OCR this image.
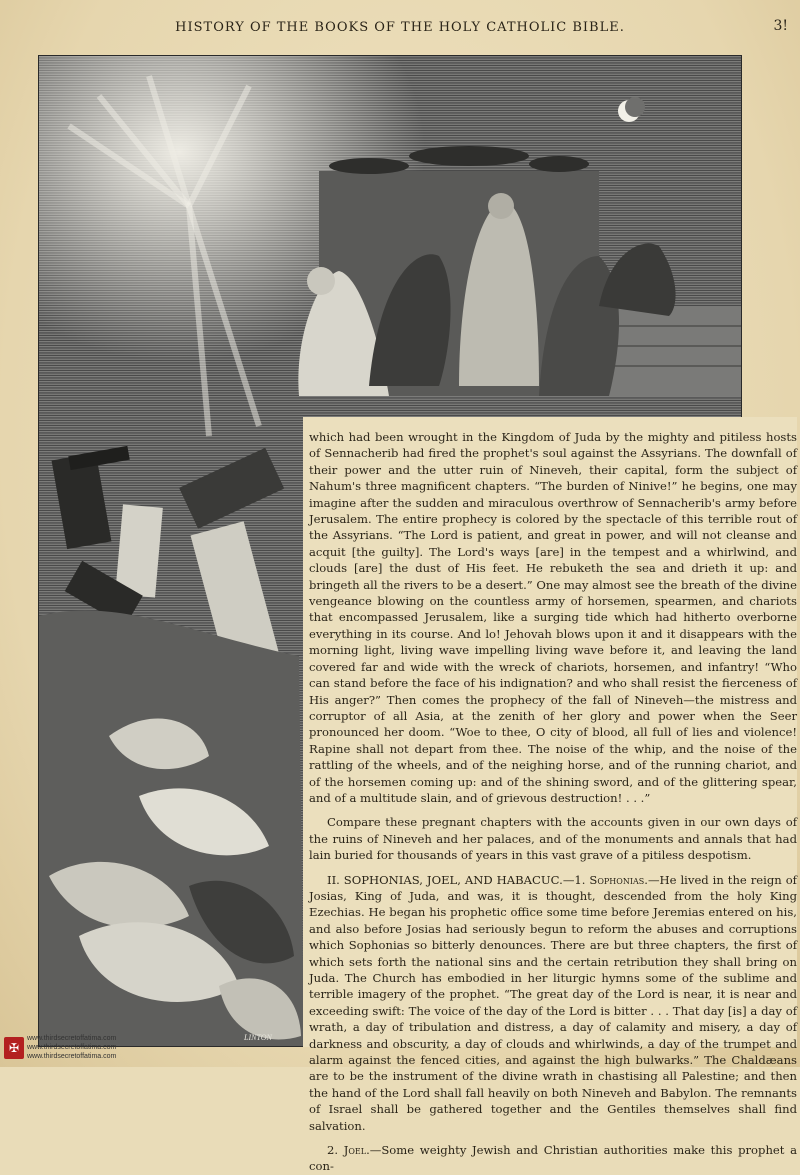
HISTORY OF THE BOOKS OF THE HOLY CATHOLIC BIBLE.	3!
LINTON

which had been wrought in the Kingdom of Juda by the mighty and pitiless hosts of Sennacherib had fired the prophet's soul against the Assyrians. The downfall of their power and the utter ruin of Nineveh, their capital, form the subject of Nahum's three magnificent chapters. “The burden of Ninive!” he begins, one may imagine after the sudden and miraculous overthrow of Sennacherib's army before Jerusalem. The entire prophecy is colored by the spectacle of this terrible rout of the Assyrians. “The Lord is patient, and great in power, and will not cleanse and acquit [the guilty]. The Lord's ways [are] in the tempest and a whirlwind, and clouds [are] the dust of His feet. He rebuketh the sea and drieth it up: and bringeth all the rivers to be a desert.” One may almost see the breath of the divine vengeance blowing on the countless army of horsemen, spearmen, and chariots that encompassed Jerusalem, like a surging tide which had hitherto overborne everything in its course. And lo! Jehovah blows upon it and it disappears with the morning light, living wave impelling living wave before it, and leaving the land covered far and wide with the wreck of chariots, horsemen, and infantry! “Who can stand before the face of his indignation? and who shall resist the fierceness of His anger?” Then comes the prophecy of the fall of Nineveh—the mistress and corruptor of all Asia, at the zenith of her glory and power when the Seer pronounced her doom. “Woe to thee, O city of blood, all full of lies and violence! Rapine shall not depart from thee. The noise of the whip, and the noise of the rattling of the wheels, and of the neighing horse, and of the running chariot, and of the horsemen coming up: and of the shining sword, and of the glittering spear, and of a multitude slain, and of grievous destruction! . . .”

Compare these pregnant chapters with the accounts given in our own days of the ruins of Nineveh and her palaces, and of the monuments and annals that had lain buried for thousands of years in this vast grave of a pitiless despotism.

II. SOPHONIAS, JOEL, AND HABACUC.—1. Sophonias.—He lived in the reign of Josias, King of Juda, and was, it is thought, descended from the holy King Ezechias. He began his prophetic office some time before Jeremias entered on his, and also before Josias had seriously begun to reform the abuses and corruptions which Sophonias so bitterly denounces. There are but three chapters, the first of which sets forth the national sins and the certain retribution they shall bring on Juda. The Church has embodied in her liturgic hymns some of the sublime and terrible imagery of the prophet. “The great day of the Lord is near, it is near and exceeding swift: The voice of the day of the Lord is bitter . . . That day [is] a day of wrath, a day of tribulation and distress, a day of calamity and misery, a day of darkness and obscurity, a day of clouds and whirlwinds, a day of the trumpet and alarm against the fenced cities, and against the high bulwarks.” The Chaldæans are to be the instrument of the divine wrath in chastising all Palestine; and then the hand of the Lord shall fall heavily on both Nineveh and Babylon. The remnants of Israel shall be gathered together and the Gentiles themselves shall find salvation.

2. Joel.—Some weighty Jewish and Christian authorities make this prophet a con-

✠
www.thirdsecretoffatima.com
www.thirdsecretoffatima.com
www.thirdsecretoffatima.com
